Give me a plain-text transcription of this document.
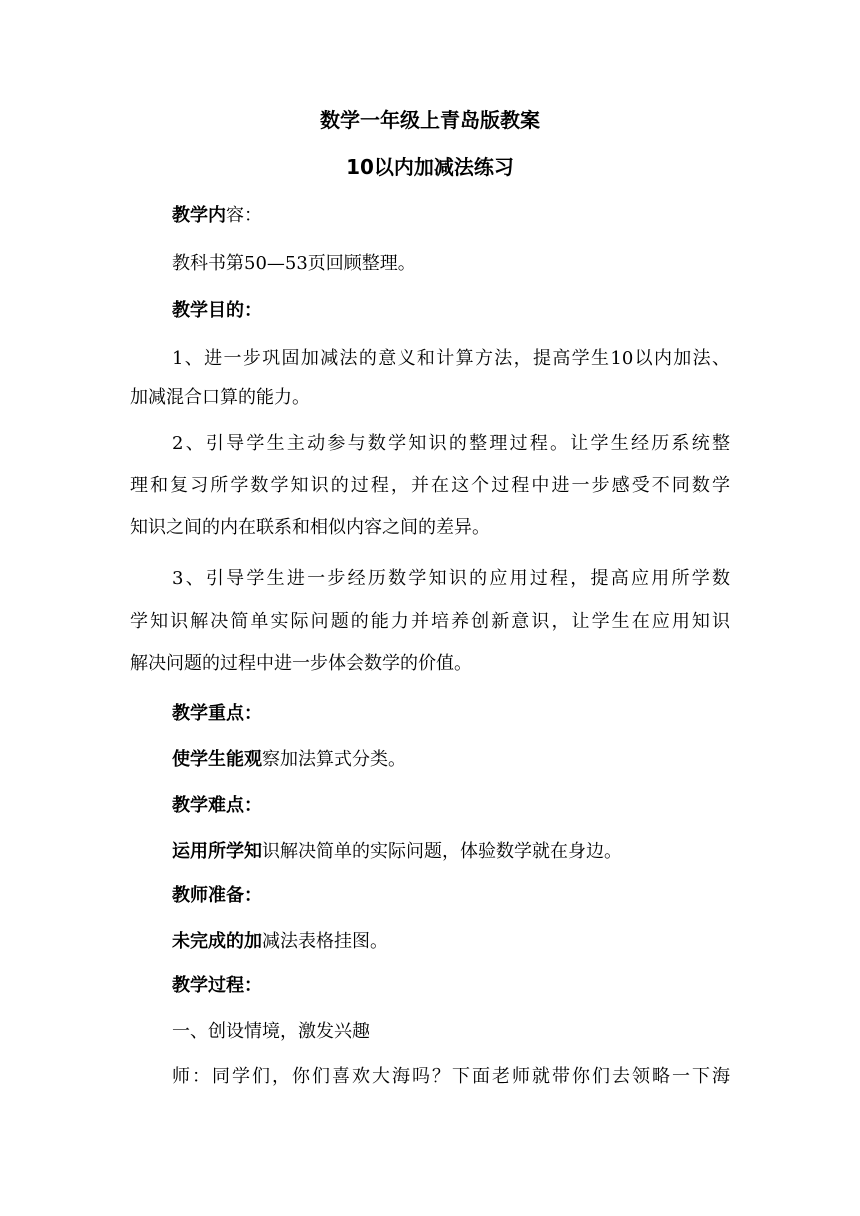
数学一年级上青岛版教案
10以内加减法练习

教学内容：

教科书第50—53页回顾整理。

教学目的：

1、进一步巩固加减法的意义和计算方法，提高学生10以内加法、

加减混合口算的能力。

2、引导学生主动参与数学知识的整理过程。让学生经历系统整

理和复习所学数学知识的过程，并在这个过程中进一步感受不同数学

知识之间的内在联系和相似内容之间的差异。

3、引导学生进一步经历数学知识的应用过程，提高应用所学数

学知识解决简单实际问题的能力并培养创新意识，让学生在应用知识

解决问题的过程中进一步体会数学的价值。

教学重点：

使学生能观察加法算式分类。

教学难点：

运用所学知识解决简单的实际问题，体验数学就在身边。

教师准备：

未完成的加减法表格挂图。

教学过程：

一、创设情境，激发兴趣

师：同学们，你们喜欢大海吗？下面老师就带你们去领略一下海
